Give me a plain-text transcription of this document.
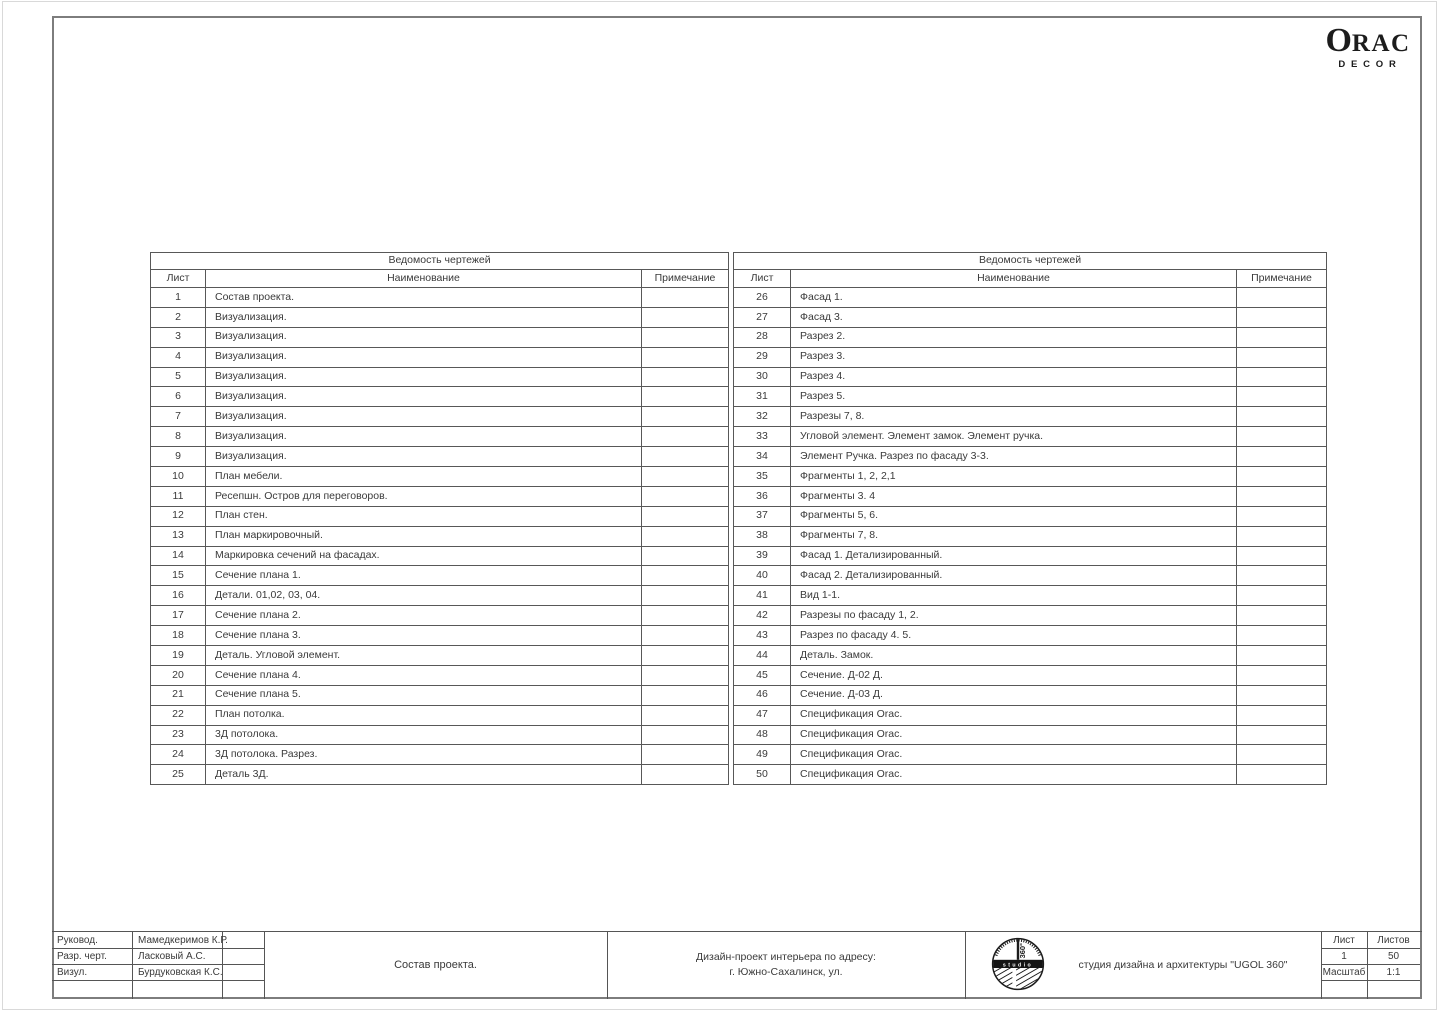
O RAC
DECOR
Ведомость чертежей		
Лист	Наименование	Примечание
1	Состав проекта.	
2	Визуализация.	
3	Визуализация.	
4	Визуализация.	
5	Визуализация.	
6	Визуализация.	
7	Визуализация.	
8	Визуализация.	
9	Визуализация.	
10	План мебели.	
11	Ресепшн. Остров для переговоров.	
12	План стен.	
13	План маркировочный.	
14	Маркировка сечений на фасадах.	
15	Сечение плана 1.	
16	Детали. 01,02, 03, 04.	
17	Сечение плана 2.	
18	Сечение плана 3.	
19	Деталь. Угловой элемент.	
20	Сечение плана 4.	
21	Сечение плана 5.	
22	План потолка.	
23	3Д потолока.	
24	3Д потолока. Разрез.	
25	Деталь 3Д.	
Ведомость чертежей		
Лист	Наименование	Примечание
26	Фасад 1.	
27	Фасад 3.	
28	Разрез 2.	
29	Разрез 3.	
30	Разрез 4.	
31	Разрез 5.	
32	Разрезы 7, 8.	
33	Угловой элемент. Элемент замок. Элемент ручка.	
34	Элемент Ручка. Разрез по фасаду 3-3.	
35	Фрагменты 1, 2, 2,1	
36	Фрагменты 3. 4	
37	Фрагменты 5, 6.	
38	Фрагменты 7, 8.	
39	Фасад 1. Детализированный.	
40	Фасад 2. Детализированный.	
41	Вид 1-1.	
42	Разрезы по фасаду 1, 2.	
43	Разрез по фасаду 4. 5.	
44	Деталь. Замок.	
45	Сечение. Д-02 Д.	
46	Сечение. Д-03 Д.	
47	Спецификация Orac.	
48	Спецификация Orac.	
49	Спецификация Orac.	
50	Спецификация Orac.	
Руковод.	Мамедкеримов К.Р.
Разр. черт.	Ласковый А.С.
Визул.	Бурдуковская К.С.
Состав проекта.
Дизайн-проект интерьера по адресу:
г. Южно-Сахалинск, ул.
360°
studio	студия дизайна и архитектуры "UGOL 360"
Лист	Листов
1	50
Масштаб	1:1
